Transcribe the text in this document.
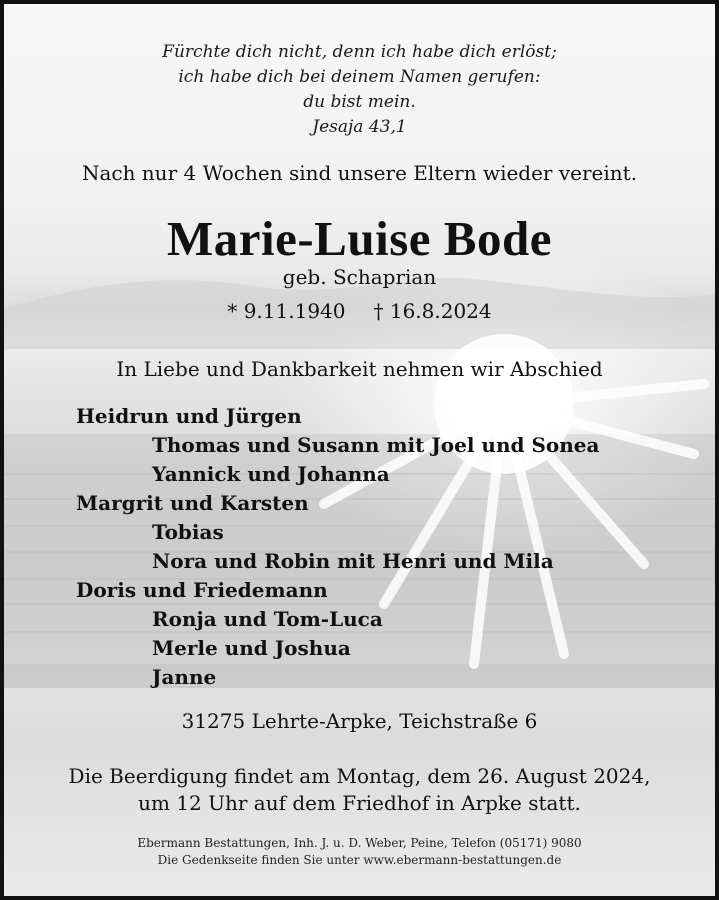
Fürchte dich nicht, denn ich habe dich erlöst;
ich habe dich bei deinem Namen gerufen:
du bist mein.
Jesaja 43,1
Nach nur 4 Wochen sind unsere Eltern wieder vereint.
Marie-Luise Bode
geb. Schaprian
* 9.11.1940 † 16.8.2024
In Liebe und Dankbarkeit nehmen wir Abschied
Heidrun und Jürgen
Thomas und Susann mit Joel und Sonea
Yannick und Johanna
Margrit und Karsten
Tobias
Nora und Robin mit Henri und Mila
Doris und Friedemann
Ronja und Tom-Luca
Merle und Joshua
Janne
31275 Lehrte-Arpke, Teichstraße 6
Die Beerdigung findet am Montag, dem 26. August 2024,
um 12 Uhr auf dem Friedhof in Arpke statt.
Ebermann Bestattungen, Inh. J. u. D. Weber, Peine, Telefon (05171) 9080
Die Gedenkseite finden Sie unter www.ebermann-bestattungen.de
